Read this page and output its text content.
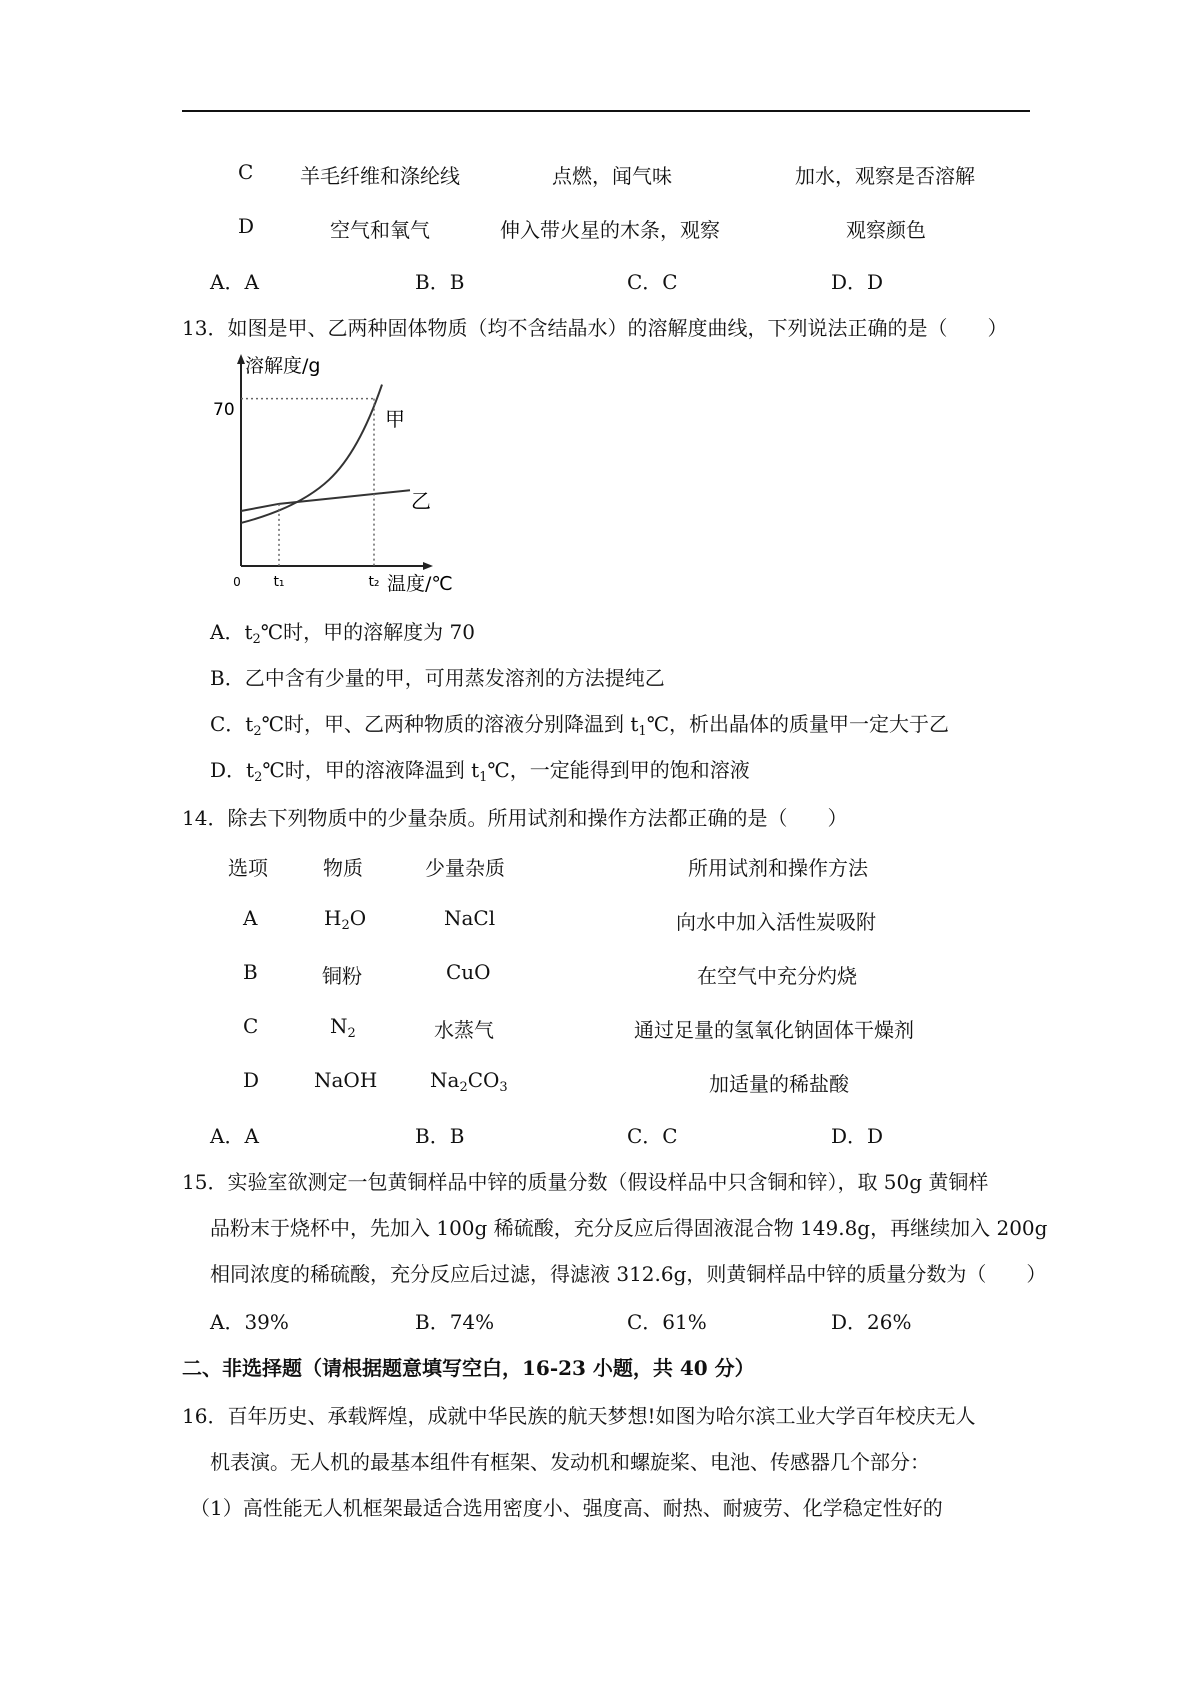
C 羊毛纤维和涤纶线	点燃，闻气味	加水，观察是否溶解
D	空气和氧气	伸入带火星的木条，观察	观察颜色
A．A	B．B	C．C	D．D
13．如图是甲、乙两种固体物质（均不含结晶水）的溶解度曲线，下列说法正确的是（　　）
溶解度/g
70
0 t₁	t₂ 温度/℃
甲
乙
A．$t_2℃$时，甲的溶解度为 70
B．乙中含有少量的甲，可用蒸发溶剂的方法提纯乙
C．$t_2℃$时，甲、乙两种物质的溶液分别降温到 $t_1℃$，析出晶体的质量甲一定大于乙
D．$t_2℃$时，甲的溶液降温到 $t_1℃$，一定能得到甲的饱和溶液
14．除去下列物质中的少量杂质。所用试剂和操作方法都正确的是（　　）
选项	物质	少量杂质	所用试剂和操作方法
A	$H_2O$	NaCl	向水中加入活性炭吸附
B	铜粉	CuO	在空气中充分灼烧
C	$N_2$	水蒸气	通过足量的氢氧化钠固体干燥剂
D	NaOH	$Na_2CO_3$	加适量的稀盐酸
A．A	B．B	C．C	D．D
15．实验室欲测定一包黄铜样品中锌的质量分数（假设样品中只含铜和锌），取 50g 黄铜样
品粉末于烧杯中，先加入 100g 稀硫酸，充分反应后得固液混合物 149.8g，再继续加入 200g
相同浓度的稀硫酸，充分反应后过滤，得滤液 312.6g，则黄铜样品中锌的质量分数为（　　）
A．39%	B．74%	C．61%	D．26%
二、非选择题（请根据题意填写空白，16-23 小题，共 40 分）
16．百年历史、承载辉煌，成就中华民族的航天梦想!如图为哈尔滨工业大学百年校庆无人
机表演。无人机的最基本组件有框架、发动机和螺旋桨、电池、传感器几个部分：
（1）高性能无人机框架最适合选用密度小、强度高、耐热、耐疲劳、化学稳定性好的
